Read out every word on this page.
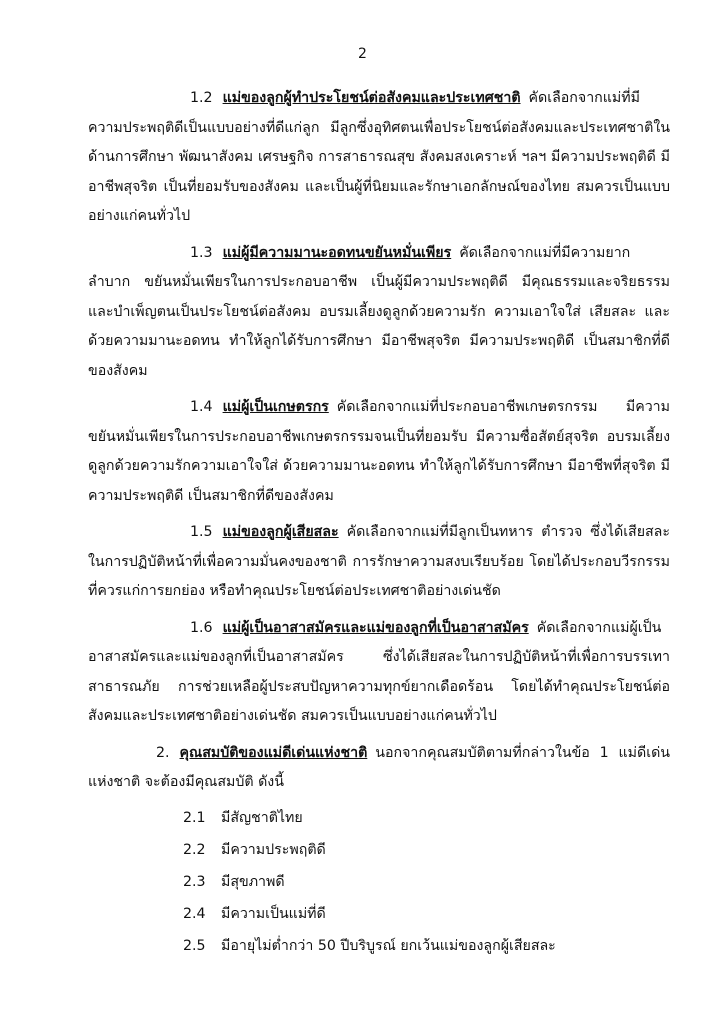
2

1.2 แม่ของลูกผู้ทำประโยชน์ต่อสังคมและประเทศชาติ คัดเลือกจากแม่ที่มีความประพฤติดีเป็นแบบอย่างที่ดีแก่ลูก มีลูกซึ่งอุทิศตนเพื่อประโยชน์ต่อสังคมและประเทศชาติในด้านการศึกษา พัฒนาสังคม เศรษฐกิจ การสาธารณสุข สังคมสงเคราะห์ ฯลฯ มีความประพฤติดี มีอาชีพสุจริต เป็นที่ยอมรับของสังคม และเป็นผู้ที่นิยมและรักษาเอกลักษณ์ของไทย สมควรเป็นแบบอย่างแก่คนทั่วไป

1.3 แม่ผู้มีความมานะอดทนขยันหมั่นเพียร คัดเลือกจากแม่ที่มีความยากลำบาก ขยันหมั่นเพียรในการประกอบอาชีพ เป็นผู้มีความประพฤติดี มีคุณธรรมและจริยธรรม และบำเพ็ญตนเป็นประโยชน์ต่อสังคม อบรมเลี้ยงดูลูกด้วยความรัก ความเอาใจใส่ เสียสละ และด้วยความมานะอดทน ทำให้ลูกได้รับการศึกษา มีอาชีพสุจริต มีความประพฤติดี เป็นสมาชิกที่ดีของสังคม

1.4 แม่ผู้เป็นเกษตรกร คัดเลือกจากแม่ที่ประกอบอาชีพเกษตรกรรม มีความขยันหมั่นเพียรในการประกอบอาชีพเกษตรกรรมจนเป็นที่ยอมรับ มีความซื่อสัตย์สุจริต อบรมเลี้ยงดูลูกด้วยความรักความเอาใจใส่ ด้วยความมานะอดทน ทำให้ลูกได้รับการศึกษา มีอาชีพที่สุจริต มีความประพฤติดี เป็นสมาชิกที่ดีของสังคม

1.5 แม่ของลูกผู้เสียสละ คัดเลือกจากแม่ที่มีลูกเป็นทหาร ตำรวจ ซึ่งได้เสียสละในการปฏิบัติหน้าที่เพื่อความมั่นคงของชาติ การรักษาความสงบเรียบร้อย โดยได้ประกอบวีรกรรมที่ควรแก่การยกย่อง หรือทำคุณประโยชน์ต่อประเทศชาติอย่างเด่นชัด

1.6 แม่ผู้เป็นอาสาสมัครและแม่ของลูกที่เป็นอาสาสมัคร คัดเลือกจากแม่ผู้เป็นอาสาสมัครและแม่ของลูกที่เป็นอาสาสมัคร ซึ่งได้เสียสละในการปฏิบัติหน้าที่เพื่อการบรรเทาสาธารณภัย การช่วยเหลือผู้ประสบปัญหาความทุกข์ยากเดือดร้อน โดยได้ทำคุณประโยชน์ต่อสังคมและประเทศชาติอย่างเด่นชัด สมควรเป็นแบบอย่างแก่คนทั่วไป

2. คุณสมบัติของแม่ดีเด่นแห่งชาติ นอกจากคุณสมบัติตามที่กล่าวในข้อ 1 แม่ดีเด่นแห่งชาติ จะต้องมีคุณสมบัติ ดังนี้
2.1 มีสัญชาติไทย
2.2 มีความประพฤติดี
2.3 มีสุขภาพดี
2.4 มีความเป็นแม่ที่ดี
2.5 มีอายุไม่ต่ำกว่า 50 ปีบริบูรณ์ ยกเว้นแม่ของลูกผู้เสียสละ
